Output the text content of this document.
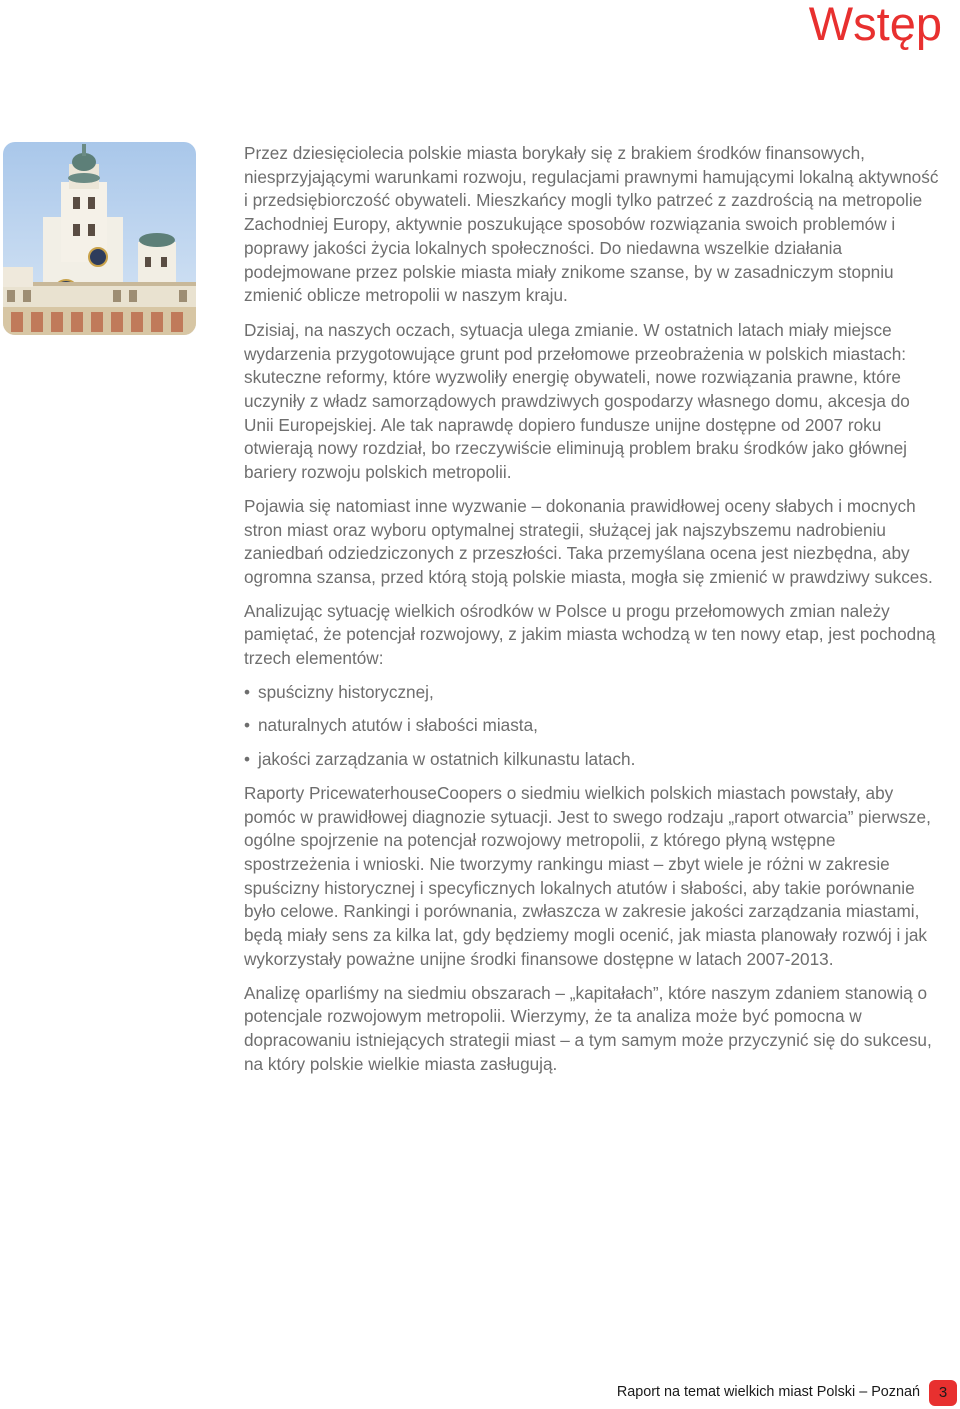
Wstęp

Przez dziesięciolecia polskie miasta borykały się z brakiem środków finansowych, niesprzyjającymi warunkami rozwoju, regulacjami prawnymi hamującymi lokalną aktywność i przedsiębiorczość obywateli. Mieszkańcy mogli tylko patrzeć z zazdrością na metropolie Zachodniej Europy, aktywnie poszukujące sposobów rozwiązania swoich problemów i poprawy jakości życia lokalnych społeczności. Do niedawna wszelkie działania podejmowane przez polskie miasta miały znikome szanse, by w zasadniczym stopniu zmienić oblicze metropolii w naszym kraju.

Dzisiaj, na naszych oczach, sytuacja ulega zmianie. W ostatnich latach miały miejsce wydarzenia przygotowujące grunt pod przełomowe przeobrażenia w polskich miastach: skuteczne reformy, które wyzwoliły energię obywateli, nowe rozwiązania prawne, które uczyniły z władz samorządowych prawdziwych gospodarzy własnego domu, akcesja do Unii Europejskiej. Ale tak naprawdę dopiero fundusze unijne dostępne od 2007 roku otwierają nowy rozdział, bo rzeczywiście eliminują problem braku środków jako głównej bariery rozwoju polskich metropolii.

Pojawia się natomiast inne wyzwanie – dokonania prawidłowej oceny słabych i mocnych stron miast oraz wyboru optymalnej strategii, służącej jak najszybszemu nadrobieniu zaniedbań odziedziczonych z przeszłości. Taka przemyślana ocena jest niezbędna, aby ogromna szansa, przed którą stoją polskie miasta, mogła się zmienić w prawdziwy sukces.

Analizując sytuację wielkich ośrodków w Polsce u progu przełomowych zmian należy pamiętać, że potencjał rozwojowy, z jakim miasta wchodzą w ten nowy etap, jest pochodną trzech elementów:

• spuścizny historycznej,
• naturalnych atutów i słabości miasta,
• jakości zarządzania w ostatnich kilkunastu latach.

Raporty PricewaterhouseCoopers o siedmiu wielkich polskich miastach powstały, aby pomóc w prawidłowej diagnozie sytuacji. Jest to swego rodzaju „raport otwarcia” pierwsze, ogólne spojrzenie na potencjał rozwojowy metropolii, z którego płyną wstępne spostrzeżenia i wnioski. Nie tworzymy rankingu miast – zbyt wiele je różni w zakresie spuścizny historycznej i specyficznych lokalnych atutów i słabości, aby takie porównanie było celowe. Rankingi i porównania, zwłaszcza w zakresie jakości zarządzania miastami, będą miały sens za kilka lat, gdy będziemy mogli ocenić, jak miasta planowały rozwój i jak wykorzystały poważne unijne środki finansowe dostępne w latach 2007-2013.

Analizę oparliśmy na siedmiu obszarach – „kapitałach”, które naszym zdaniem stanowią o potencjale rozwojowym metropolii. Wierzymy, że ta analiza może być pomocna w dopracowaniu istniejących strategii miast – a tym samym może przyczynić się do sukcesu, na który polskie wielkie miasta zasługują.

Raport na temat wielkich miast Polski – Poznań	3
